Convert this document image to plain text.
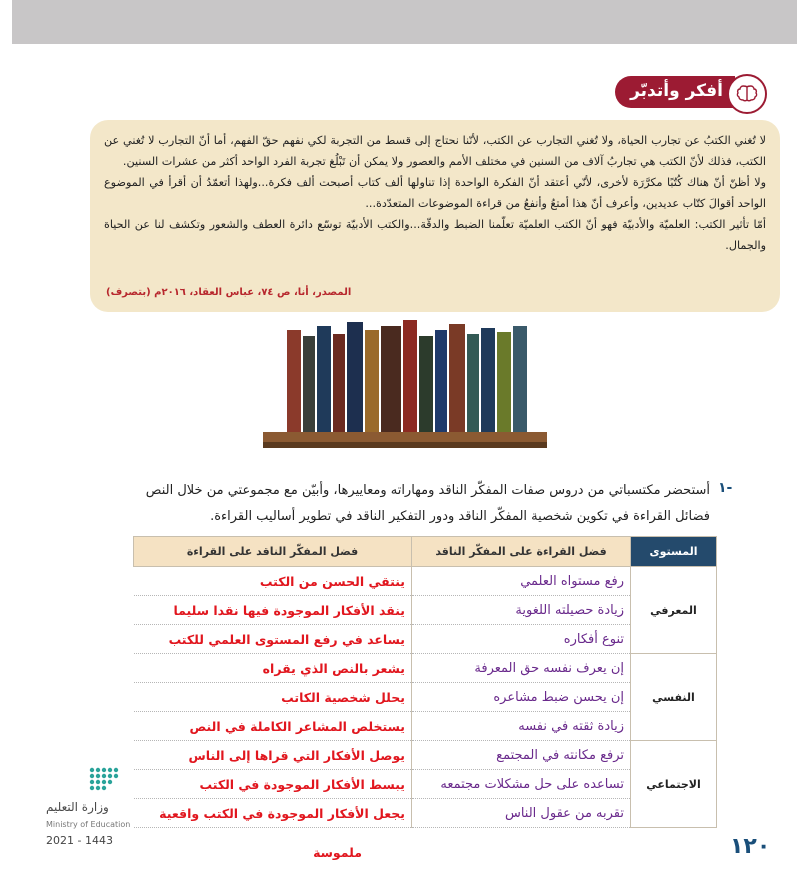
أفكر وأتدبّر

لا تُغني الكتبُ عن تجارب الحياة، ولا تُغني التجارب عن الكتب، لأنّنا نحتاج إلى قسط من التجربة لكي نفهم حقّ الفهم، أما أنّ التجارب لا تُغني عن الكتب، فذلك لأنّ الكتب هي تجاربُ آلاف من السنين في مختلف الأمم والعصور ولا يمكن أن تَبْلُغ تجربة الفرد الواحد أكثر من عشرات السنين.

ولا أظنّ أنّ هناك كُتُبًا مكرَّرَة لأخرى، لأنّي أعتقد أنّ الفكرة الواحدة إذا تناولها ألف كتاب أصبحت ألف فكرة...ولهذا أتعمّدُ أن أقرأ في الموضوع الواحد أقوالَ كتّاب عديدين، وأعرف أنّ هذا أمتعُ وأنفعُ من قراءة الموضوعات المتعدّدة...

أمّا تأثير الكتب: العلميّة والأدبيّة فهو أنّ الكتب العلميّة تعلّمنا الضبط والدقّة...والكتب الأدبيّة توسّع دائرة العطف والشعور وتكشف لنا عن الحياة والجمال.

المصدر، أنا، ص ٧٤، عباس العقاد، ٢٠١٦م (بتصرف)
١-
أستحضر مكتسباتي من دروس صفات المفكّر الناقد ومهاراته ومعاييرها، وأبيّن مع مجموعتي من خلال النص فضائل القراءة في تكوين شخصية المفكّر الناقد ودور التفكير الناقد في تطوير أساليب القراءة.
المستوى	فضل القراءة على المفكّر الناقد	فضل المفكّر الناقد على القراءة
المعرفي	رفع مستواه العلمي	ينتقي الحسن من الكتب
	زيادة حصيلته اللغوية	ينقد الأفكار الموجودة فيها نقدا سليما
	تنوع أفكاره	يساعد في رفع المستوى العلمي للكتب
النفسي	إن يعرف نفسه حق المعرفة	يشعر بالنص الذي يقراه
	إن يحسن ضبط مشاعره	يحلل شخصية الكاتب
	زيادة ثقته في نفسه	يستخلص المشاعر الكاملة في النص
الاجتماعي	ترفع مكانته في المجتمع	يوصل الأفكار التي قراها إلى الناس
	تساعده على حل مشكلات مجتمعه	يبسط الأفكار الموجودة في الكتب
	تقربه من عقول الناس	يجعل الأفكار الموجودة في الكتب واقعية
ملموسة
وزارة التعليم
Ministry of Education
2021 - 1443	١٢٠
